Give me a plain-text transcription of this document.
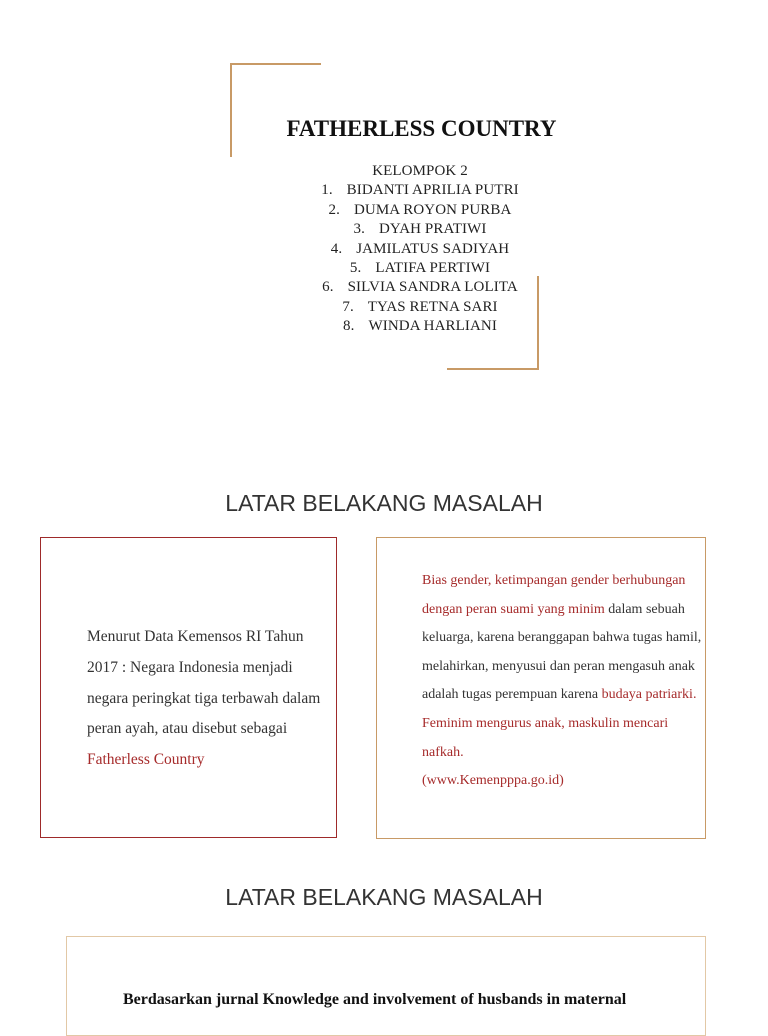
FATHERLESS COUNTRY
KELOMPOK 2
1. BIDANTI APRILIA PUTRI
2. DUMA ROYON PURBA
3. DYAH PRATIWI
4. JAMILATUS SADIYAH
5. LATIFA PERTIWI
6. SILVIA SANDRA LOLITA
7. TYAS RETNA SARI
8. WINDA HARLIANI
LATAR BELAKANG MASALAH
Menurut Data Kemensos RI Tahun 2017 : Negara Indonesia menjadi negara peringkat tiga terbawah dalam peran ayah, atau disebut sebagai Fatherless Country
Bias gender, ketimpangan gender berhubungan dengan peran suami yang minim dalam sebuah keluarga, karena beranggapan bahwa tugas hamil, melahirkan, menyusui dan peran mengasuh anak adalah tugas perempuan karena budaya patriarki. Feminim mengurus anak, maskulin mencari nafkah.
(www.Kemenpppa.go.id)
LATAR BELAKANG MASALAH
Berdasarkan jurnal Knowledge and involvement of husbands in maternal
